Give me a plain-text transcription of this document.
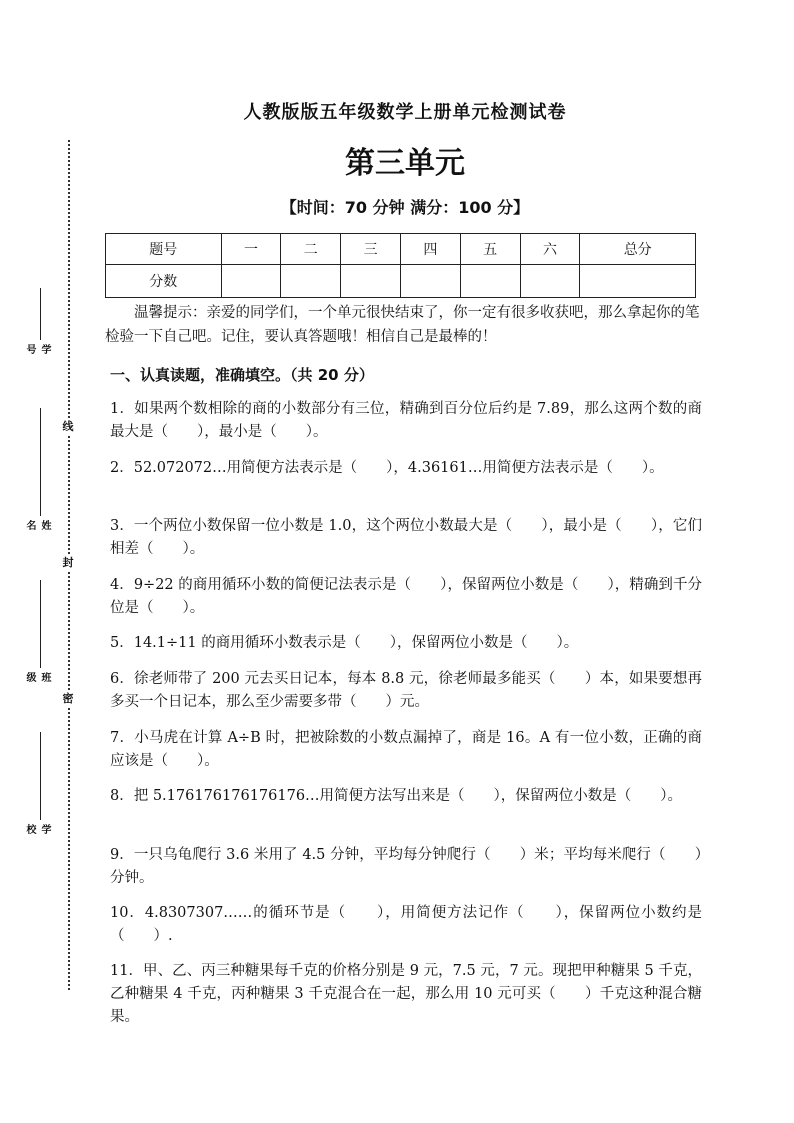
线
封
密
学号
姓名
班级
学校
人教版版五年级数学上册单元检测试卷
第三单元
【时间：70 分钟 满分：100 分】
题号	一	二	三	四	五	六	总分
分数							
温馨提示：亲爱的同学们，一个单元很快结束了，你一定有很多收获吧，那么拿起你的笔检验一下自己吧。记住，要认真答题哦！相信自己是最棒的！
一、认真读题，准确填空。（共 20 分）
1．如果两个数相除的商的小数部分有三位，精确到百分位后约是 7.89，那么这两个数的商最大是（　　），最小是（　　）。
2．52.072072…用简便方法表示是（　　），4.36161…用简便方法表示是（　　）。
3．一个两位小数保留一位小数是 1.0，这个两位小数最大是（　　），最小是（　　），它们相差（　　）。
4．9÷22 的商用循环小数的简便记法表示是（　　），保留两位小数是（　　），精确到千分位是（　　）。
5．14.1÷11 的商用循环小数表示是（　　），保留两位小数是（　　）。
6．徐老师带了 200 元去买日记本，每本 8.8 元，徐老师最多能买（　　）本，如果要想再多买一个日记本，那么至少需要多带（　　）元。
7．小马虎在计算 A÷B 时，把被除数的小数点漏掉了，商是 16。A 有一位小数，正确的商应该是（　　）。
8．把 5.176176176176176…用简便方法写出来是（　　），保留两位小数是（　　）。
9．一只乌龟爬行 3.6 米用了 4.5 分钟，平均每分钟爬行（　　）米；平均每米爬行（　　）分钟。
10．4.8307307……的循环节是（　　），用简便方法记作（　　），保留两位小数约是（　　）.
11．甲、乙、丙三种糖果每千克的价格分别是 9 元，7.5 元，7 元。现把甲种糖果 5 千克，乙种糖果 4 千克，丙种糖果 3 千克混合在一起，那么用 10 元可买（　　）千克这种混合糖果。
